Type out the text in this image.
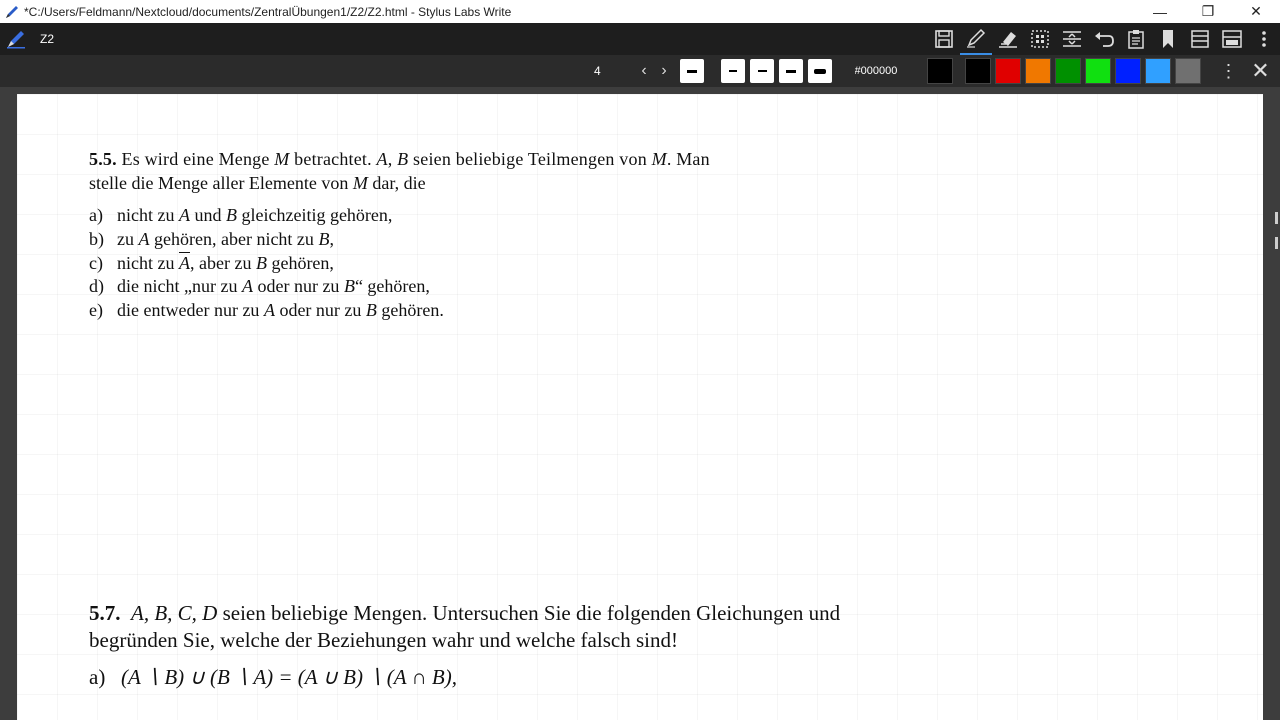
*C:/Users/Feldmann/Nextcloud/documents/ZentralÜbungen1/Z2/Z2.html - Stylus Labs Write	—	❐	✕
Z2
4
‹ ›
#000000	⋮ ✕

5.5. Es wird eine Menge M betrachtet. A, B seien beliebige Teilmengen von M. Man

stelle die Menge aller Elemente von M dar, die

a) nicht zu A und B gleichzeitig gehören,
b) zu A gehören, aber nicht zu B,
c) nicht zu $\overline{A}$, aber zu B gehören,
d) die nicht „nur zu A oder nur zu B“ gehören,
e) die entweder nur zu A oder nur zu B gehören.
5.7. A, B, C, D seien beliebige Mengen. Untersuchen Sie die folgenden Gleichungen und
begründen Sie, welche der Beziehungen wahr und welche falsch sind!
a) (A ∖ B) ∪ (B ∖ A) = (A ∪ B) ∖ (A ∩ B),
